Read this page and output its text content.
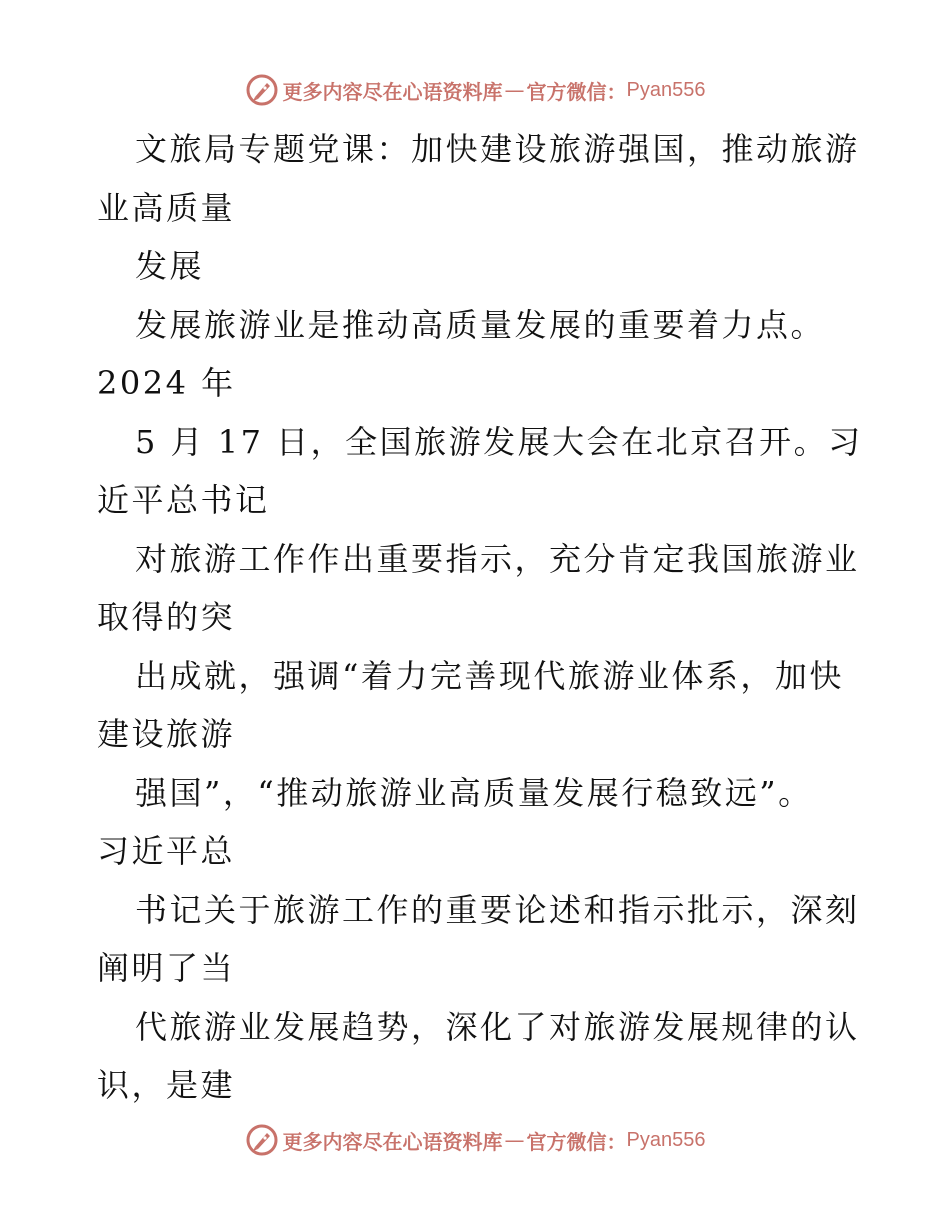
更多内容尽在心语资料库 — 官方微信： Pyan556
文旅局专题党课：加快建设旅游强国，推动旅游
业高质量
发展
发展旅游业是推动高质量发展的重要着力点。
2024 年
5 月 17 日，全国旅游发展大会在北京召开。习
近平总书记
对旅游工作作出重要指示，充分肯定我国旅游业
取得的突
出成就，强调“着力完善现代旅游业体系，加快
建设旅游
强国”，“推动旅游业高质量发展行稳致远”。
习近平总
书记关于旅游工作的重要论述和指示批示，深刻
阐明了当
代旅游业发展趋势，深化了对旅游发展规律的认
识，是建
更多内容尽在心语资料库 — 官方微信： Pyan556
